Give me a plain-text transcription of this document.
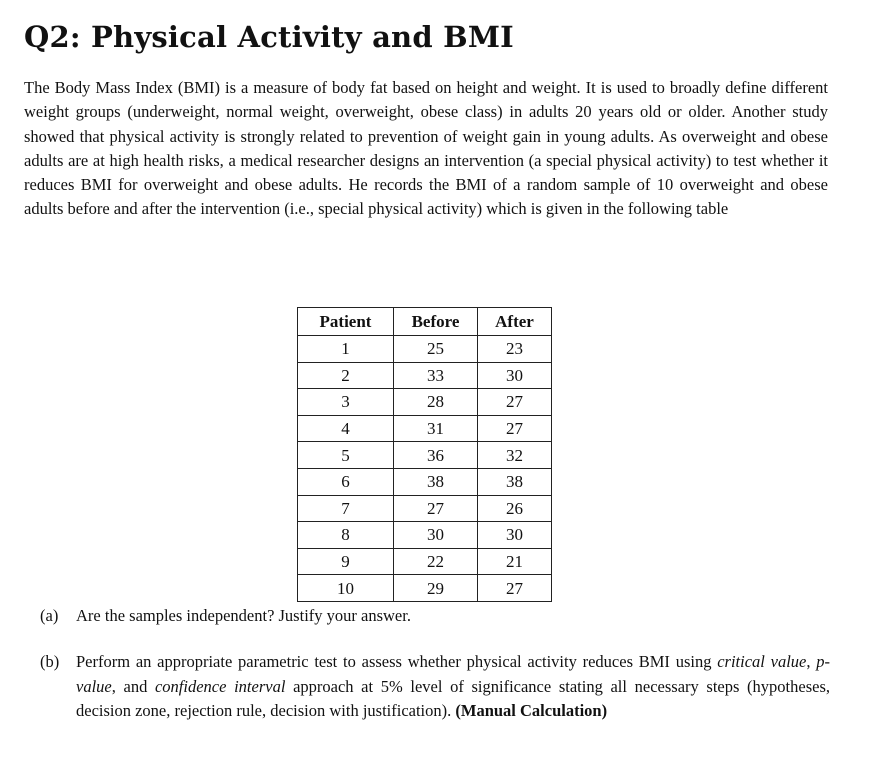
Q2: Physical Activity and BMI

The Body Mass Index (BMI) is a measure of body fat based on height and weight. It is used to broadly define different weight groups (underweight, normal weight, overweight, obese class) in adults 20 years old or older. Another study showed that physical activity is strongly related to prevention of weight gain in young adults. As overweight and obese adults are at high health risks, a medical researcher designs an intervention (a special physical activity) to test whether it reduces BMI for overweight and obese adults. He records the BMI of a random sample of 10 overweight and obese adults before and after the intervention (i.e., special physical activity) which is given in the following table

Patient	Before	After
1	25	23
2	33	30
3	28	27
4	31	27
5	36	32
6	38	38
7	27	26
8	30	30
9	22	21
10	29	27
(a) Are the samples independent? Justify your answer.
(b) Perform an appropriate parametric test to assess whether physical activity reduces BMI using critical value, p-value, and confidence interval approach at 5% level of significance stating all necessary steps (hypotheses, decision zone, rejection rule, decision with justification). (Manual Calculation)
